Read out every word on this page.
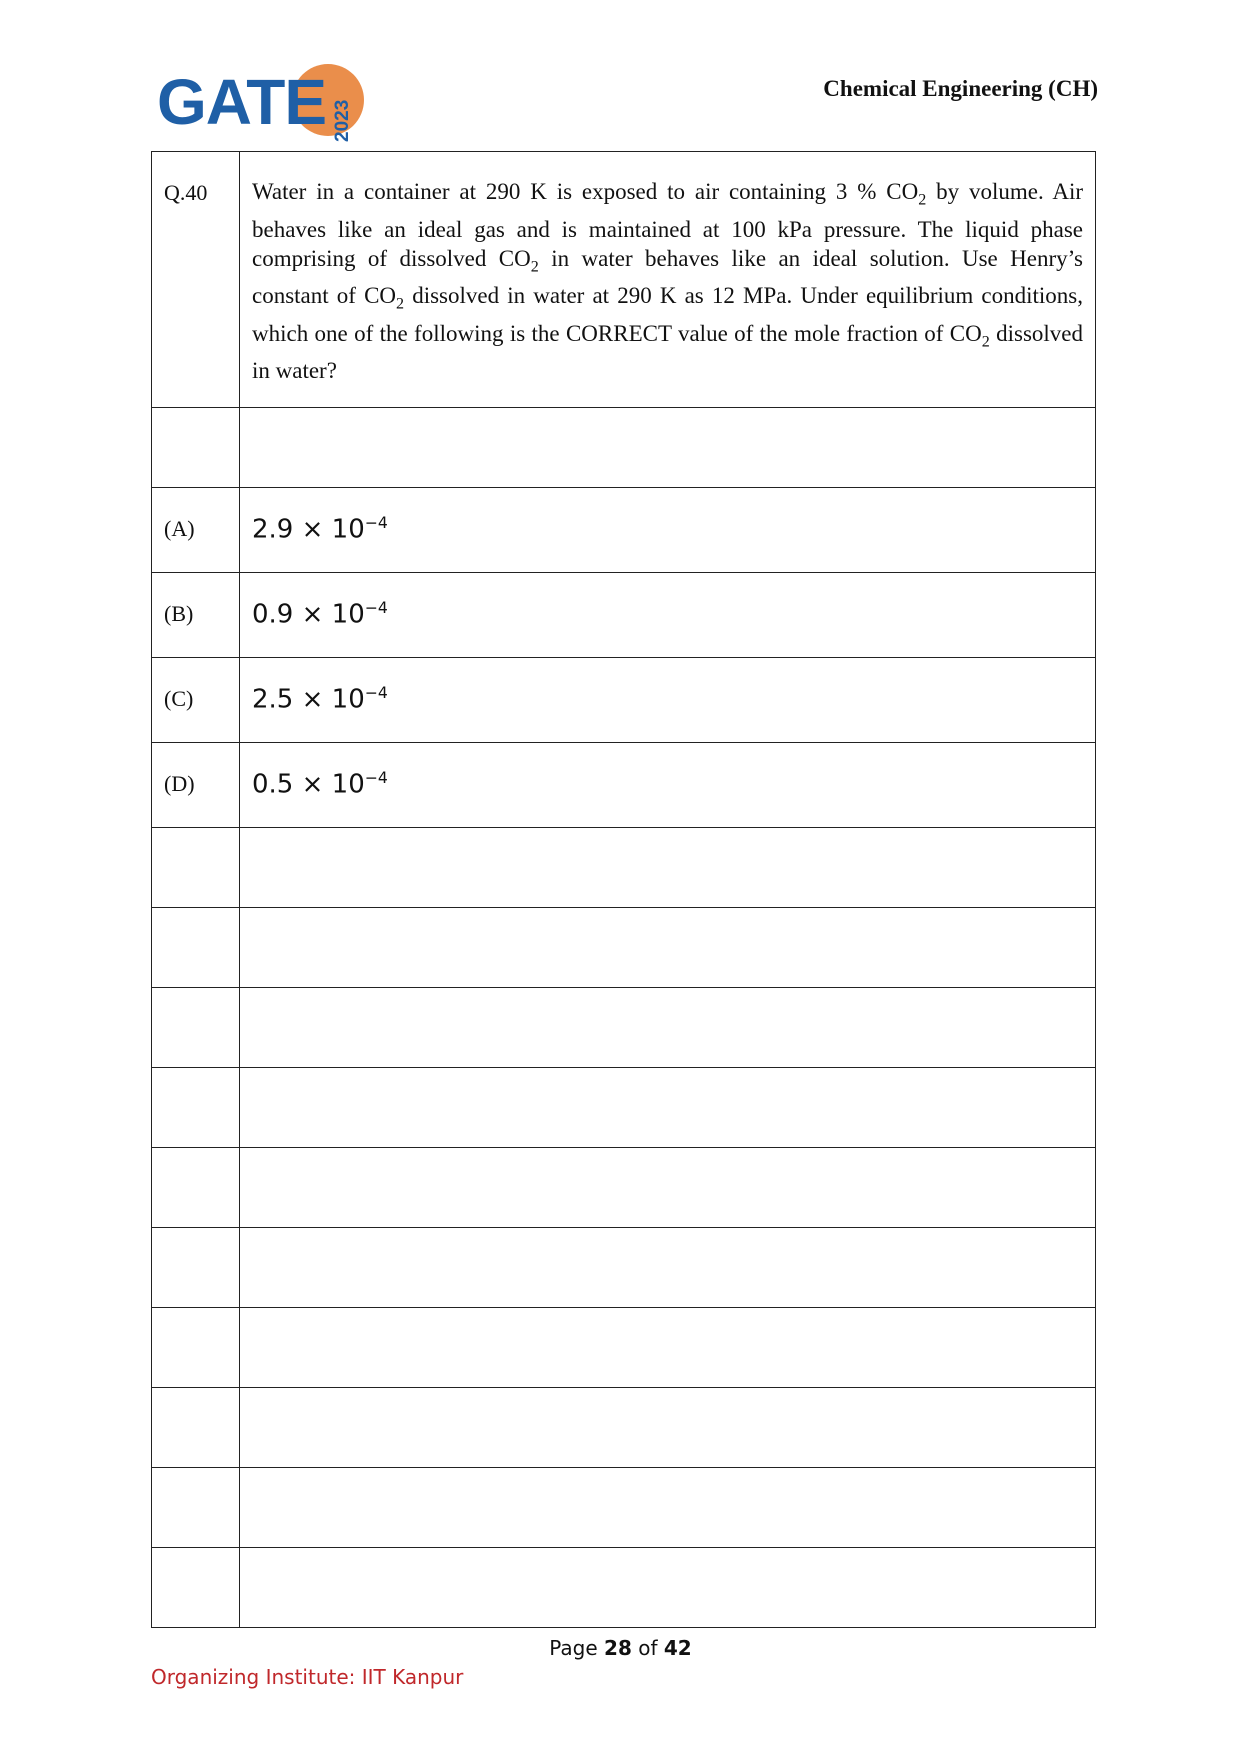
GATE 2023
Chemical Engineering (CH)
Q.40	Water in a container at 290 K is exposed to air containing 3 % $CO_2$ by volume. Air behaves like an ideal gas and is maintained at 100 kPa pressure. The liquid phase comprising of dissolved $CO_2$ in water behaves like an ideal solution. Use Henry’s constant of $CO_2$ dissolved in water at 290 K as 12 MPa. Under equilibrium conditions, which one of the following is the CORRECT value of the mole fraction of $CO_2$ dissolved in water?

(A)	$2.9 \times 10^{-4}$

(B)	$0.9 \times 10^{-4}$

(C)	$2.5 \times 10^{-4}$

(D)	$0.5 \times 10^{-4}$

Page 28 of 42
Organizing Institute: IIT Kanpur
